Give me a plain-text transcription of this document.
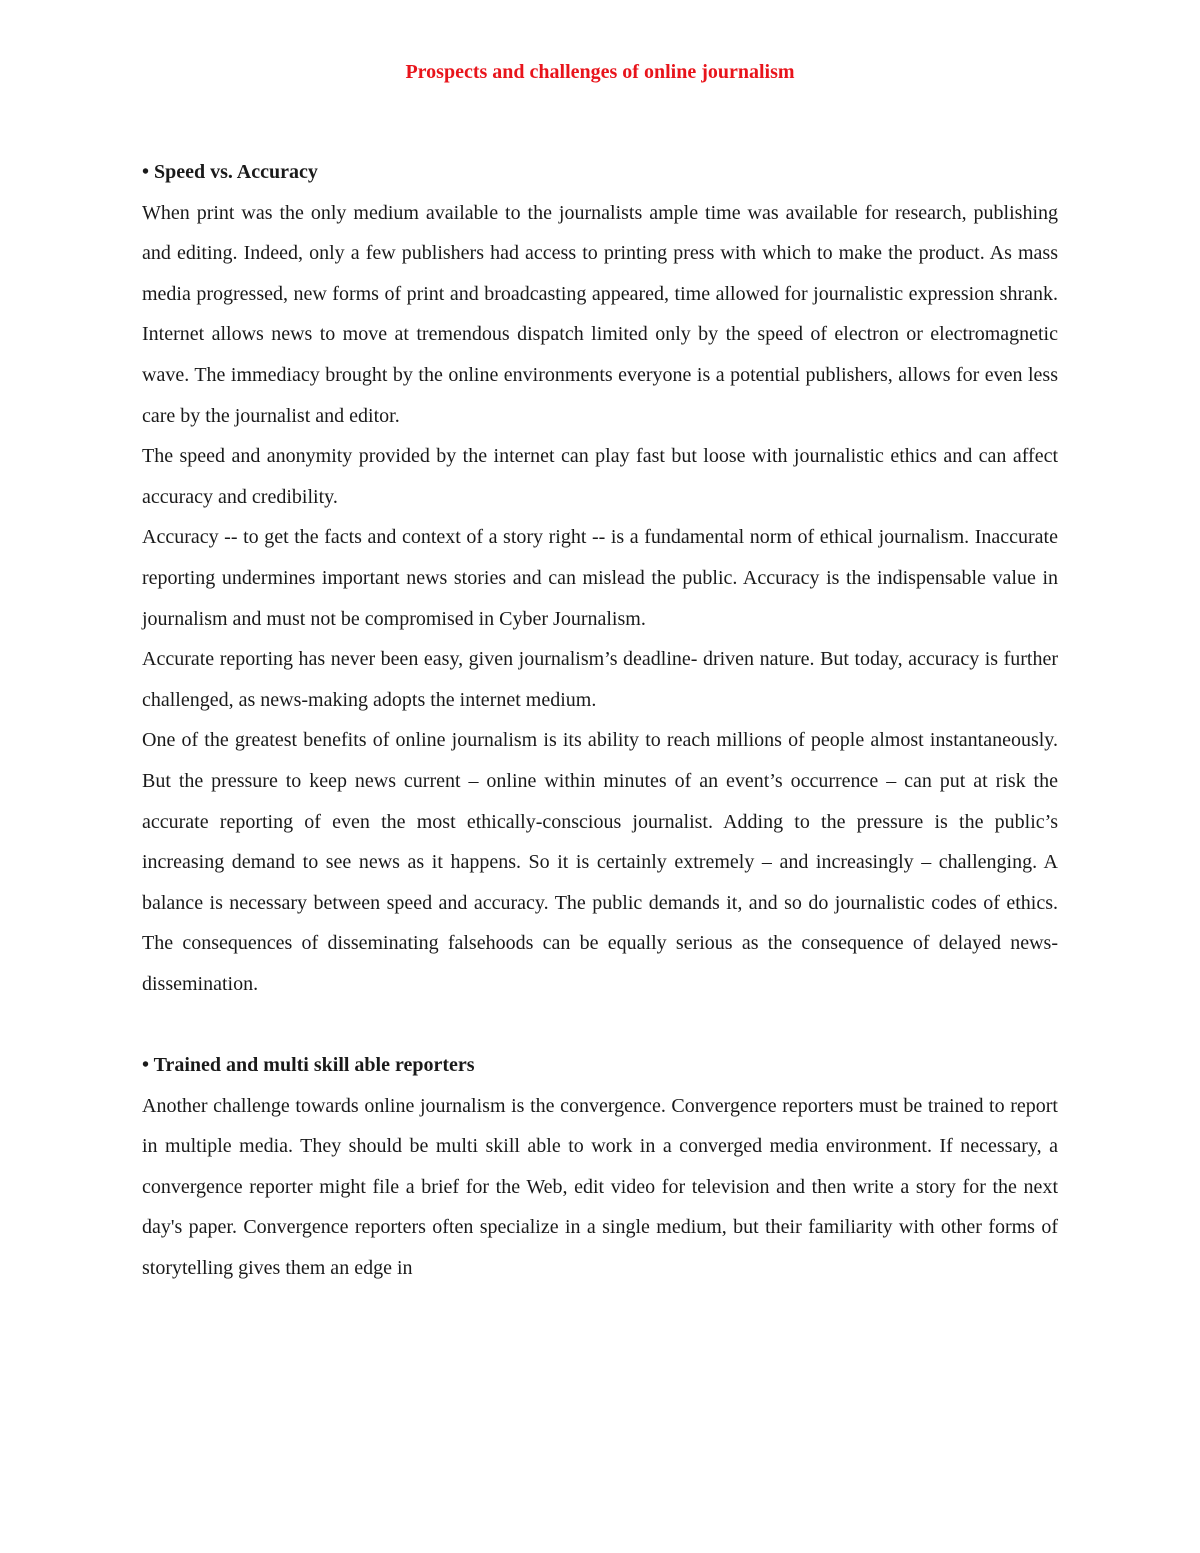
Prospects and challenges of online journalism

• Speed vs. Accuracy

When print was the only medium available to the journalists ample time was available for research, publishing and editing. Indeed, only a few publishers had access to printing press with which to make the product. As mass media progressed, new forms of print and broadcasting appeared, time allowed for journalistic expression shrank. Internet allows news to move at tremendous dispatch limited only by the speed of electron or electromagnetic wave. The immediacy brought by the online environments everyone is a potential publishers, allows for even less care by the journalist and editor.

The speed and anonymity provided by the internet can play fast but loose with journalistic ethics and can affect accuracy and credibility.

Accuracy -- to get the facts and context of a story right -- is a fundamental norm of ethical journalism. Inaccurate reporting undermines important news stories and can mislead the public. Accuracy is the indispensable value in journalism and must not be compromised in Cyber Journalism.

Accurate reporting has never been easy, given journalism’s deadline- driven nature. But today, accuracy is further challenged, as news-making adopts the internet medium.

One of the greatest benefits of online journalism is its ability to reach millions of people almost instantaneously. But the pressure to keep news current – online within minutes of an event’s occurrence – can put at risk the accurate reporting of even the most ethically-conscious journalist. Adding to the pressure is the public’s increasing demand to see news as it happens. So it is certainly extremely – and increasingly – challenging. A balance is necessary between speed and accuracy. The public demands it, and so do journalistic codes of ethics. The consequences of disseminating falsehoods can be equally serious as the consequence of delayed news-dissemination.

• Trained and multi skill able reporters

Another challenge towards online journalism is the convergence. Convergence reporters must be trained to report in multiple media. They should be multi skill able to work in a converged media environment. If necessary, a convergence reporter might file a brief for the Web, edit video for television and then write a story for the next day's paper. Convergence reporters often specialize in a single medium, but their familiarity with other forms of storytelling gives them an edge in
